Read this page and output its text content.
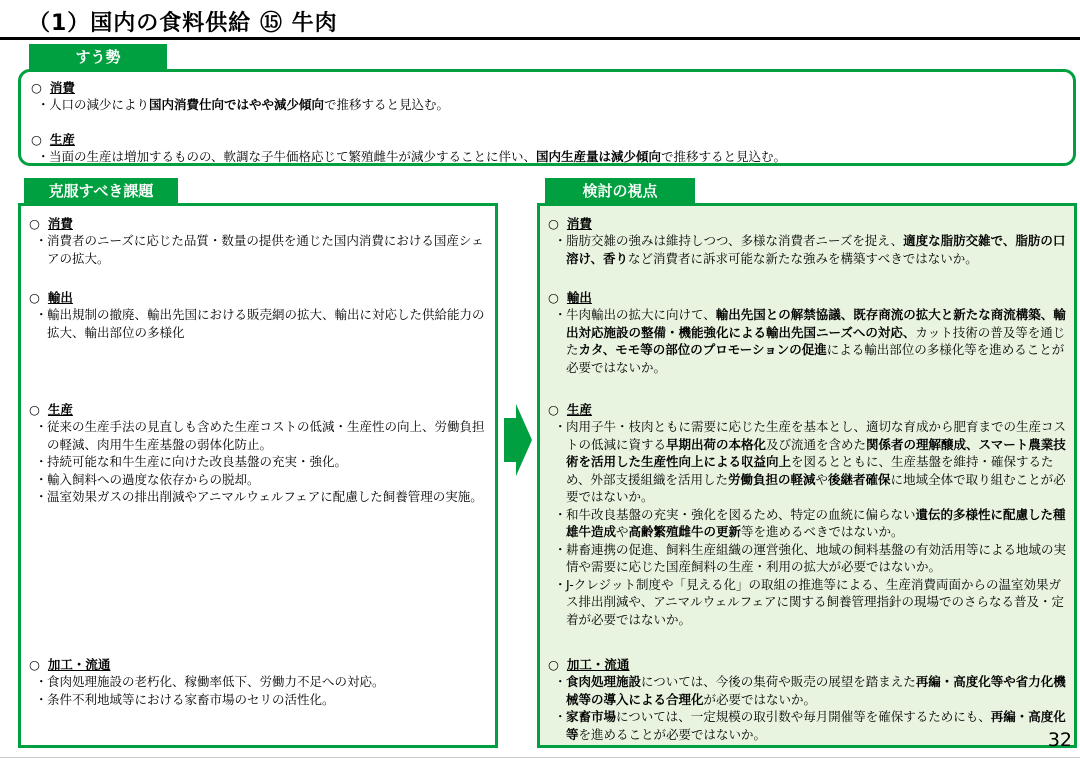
（1）国内の食料供給 ⑮ 牛肉
すう勢
○ 消費
・人口の減少により国内消費仕向ではやや減少傾向で推移すると見込む。
○ 生産
・当面の生産は増加するものの、軟調な子牛価格応じて繁殖雌牛が減少することに伴い、国内生産量は減少傾向で推移すると見込む。
克服すべき課題
○ 消費
・消費者のニーズに応じた品質・数量の提供を通じた国内消費における国産シェアの拡大。
○ 輸出
・輸出規制の撤廃、輸出先国における販売網の拡大、輸出に対応した供給能力の拡大、輸出部位の多様化
○ 生産
・従来の生産手法の見直しも含めた生産コストの低減・生産性の向上、労働負担の軽減、肉用牛生産基盤の弱体化防止。
・持続可能な和牛生産に向けた改良基盤の充実・強化。
・輸入飼料への過度な依存からの脱却。
・温室効果ガスの排出削減やアニマルウェルフェアに配慮した飼養管理の実施。
○ 加工・流通
・食肉処理施設の老朽化、稼働率低下、労働力不足への対応。
・条件不利地域等における家畜市場のセリの活性化。
検討の視点
○ 消費
・脂肪交雑の強みは維持しつつ、多様な消費者ニーズを捉え、適度な脂肪交雑で、脂肪の口溶け、香りなど消費者に訴求可能な新たな強みを構築すべきではないか。
○ 輸出
・牛肉輸出の拡大に向けて、輸出先国との解禁協議、既存商流の拡大と新たな商流構築、輸出対応施設の整備・機能強化による輸出先国ニーズへの対応、カット技術の普及等を通じたカタ、モモ等の部位のプロモーションの促進による輸出部位の多様化等を進めることが必要ではないか。
○ 生産
・肉用子牛・枝肉ともに需要に応じた生産を基本とし、適切な育成から肥育までの生産コストの低減に資する早期出荷の本格化及び流通を含めた関係者の理解醸成、スマート農業技術を活用した生産性向上による収益向上を図るとともに、生産基盤を維持・確保するため、外部支援組織を活用した労働負担の軽減や後継者確保に地域全体で取り組むことが必要ではないか。
・和牛改良基盤の充実・強化を図るため、特定の血統に偏らない遺伝的多様性に配慮した種雄牛造成や高齢繁殖雌牛の更新等を進めるべきではないか。
・耕畜連携の促進、飼料生産組織の運営強化、地域の飼料基盤の有効活用等による地域の実情や需要に応じた国産飼料の生産・利用の拡大が必要ではないか。
・J-クレジット制度や「見える化」の取組の推進等による、生産消費両面からの温室効果ガス排出削減や、アニマルウェルフェアに関する飼養管理指針の現場でのさらなる普及・定着が必要ではないか。
○ 加工・流通
・食肉処理施設については、今後の集荷や販売の展望を踏まえた再編・高度化等や省力化機械等の導入による合理化が必要ではないか。
・家畜市場については、一定規模の取引数や毎月開催等を確保するためにも、再編・高度化等を進めることが必要ではないか。	32
